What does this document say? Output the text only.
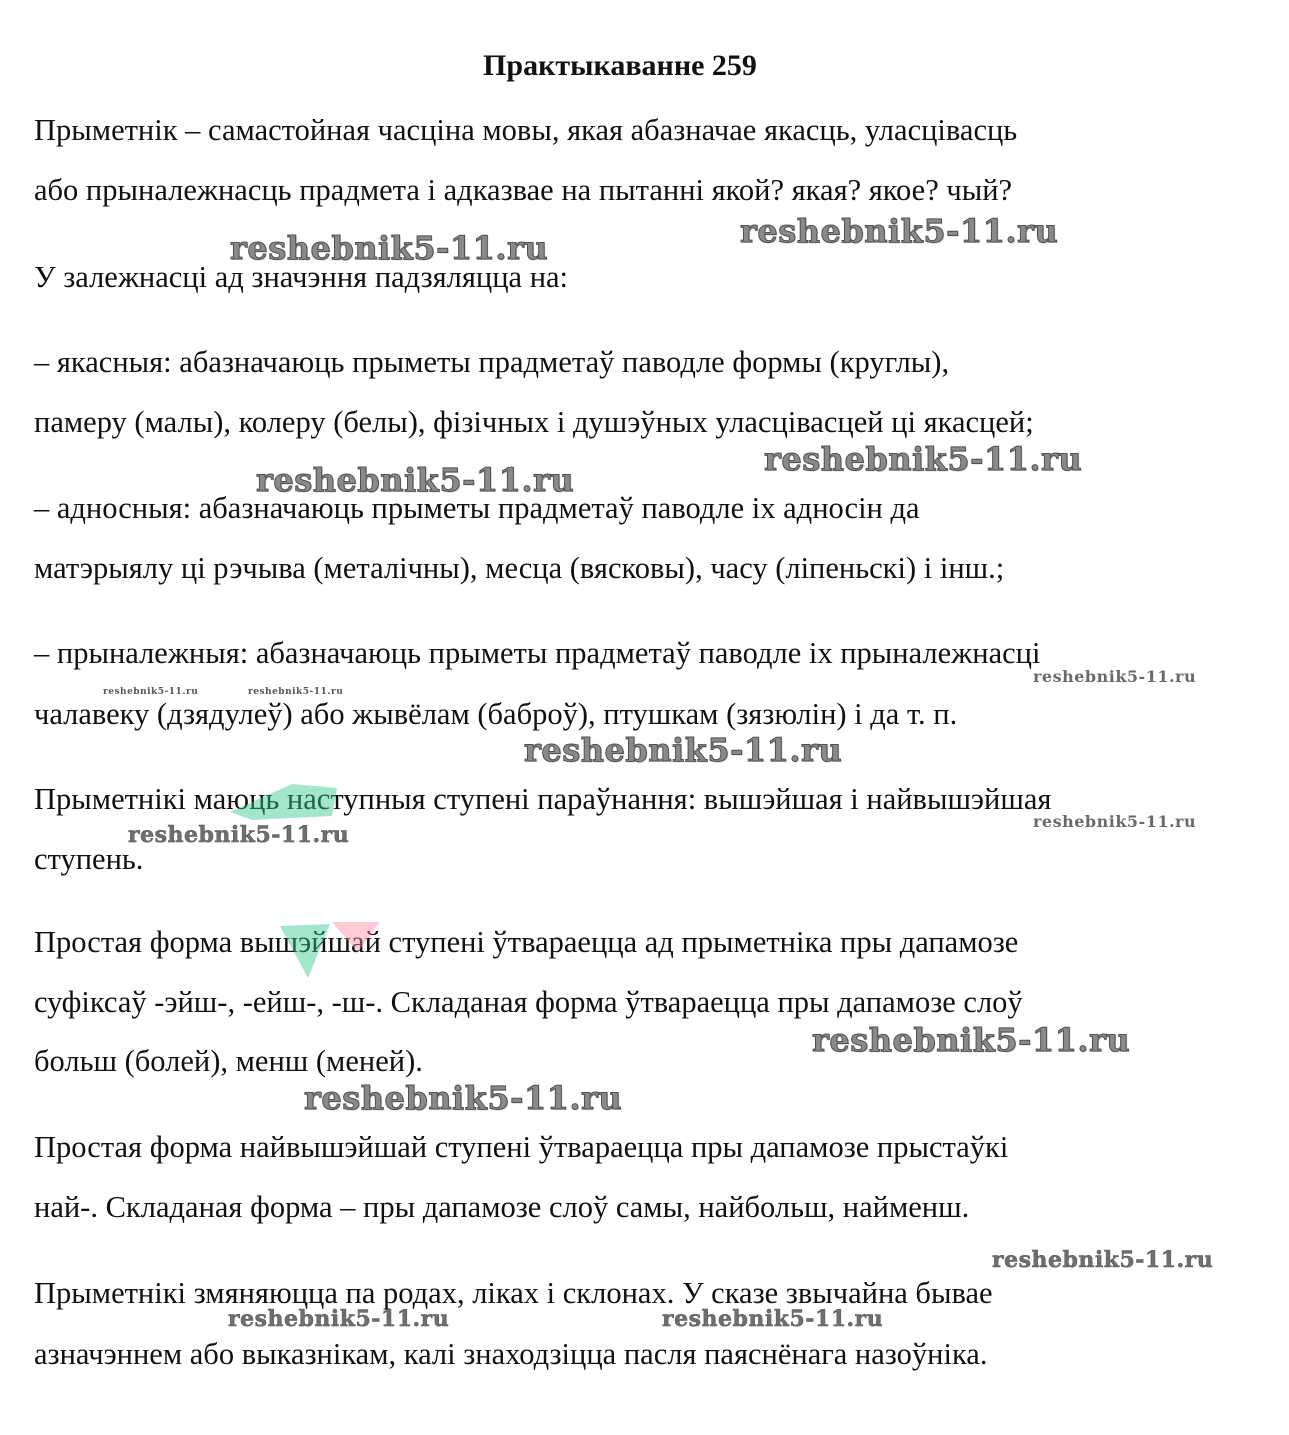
Практыкаванне 259
Прыметнік – самастойная часціна мовы, якая абазначае якасць, уласцівасць
або прыналежнасць прадмета і адказвае на пытанні якой? якая? якое? чый?
У залежнасці ад значэння падзяляцца на:
– якасныя: абазначаюць прыметы прадметаў паводле формы (круглы),
памеру (малы), колеру (белы), фізічных і душэўных уласцівасцей ці якасцей;
– адносныя: абазначаюць прыметы прадметаў паводле іх адносін да
матэрыялу ці рэчыва (металічны), месца (вясковы), часу (ліпеньскі) і інш.;
– прыналежныя: абазначаюць прыметы прадметаў паводле іх прыналежнасці
чалавеку (дзядулеў) або жывёлам (баброў), птушкам (зязюлін) і да т. п.
Прыметнікі маюць наступныя ступені параўнання: вышэйшая і найвышэйшая
ступень.
Простая форма вышэйшай ступені ўтвараецца ад прыметніка пры дапамозе
суфіксаў -эйш-, -ейш-, -ш-. Складаная форма ўтвараецца пры дапамозе слоў
больш (болей), менш (меней).
Простая форма найвышэйшай ступені ўтвараецца пры дапамозе прыстаўкі
най-. Складаная форма – пры дапамозе слоў самы, найбольш, найменш.
Прыметнікі змяняюцца па родах, ліках і склонах. У сказе звычайна бывае
азначэннем або выказнікам, калі знаходзіцца пасля паяснёнага назоўніка.
reshebnik5-11.ru	reshebnik5-11.ru
reshebnik5-11.ru
reshebnik5-11.ru
reshebnik5-11.ru	reshebnik5-11.ru
reshebnik5-11.ru
reshebnik5-11.ru
reshebnik5-11.ru
reshebnik5-11.ru
reshebnik5-11.ru
reshebnik5-11.ru
reshebnik5-11.ru
reshebnik5-11.ru	reshebnik5-11.ru
